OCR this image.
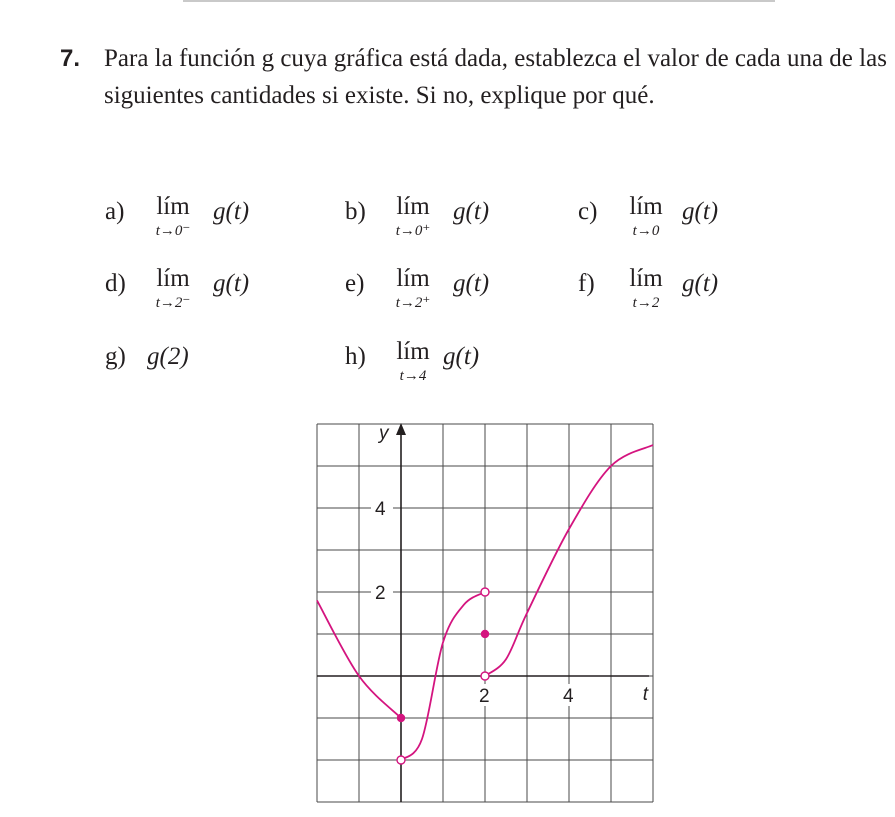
7. Para la función g cuya gráfica está dada, establezca el valor de cada una de las siguientes cantidades si existe. Si no, explique por qué.
a)	lím
t→0⁻
g(t)	b)	lím
t→0⁺
g(t)	c)	lím
t→0
g(t)
d)	lím
t→2⁻
g(t)	e)	lím
t→2⁺
g(t)	f)	lím
t→2
g(t)
g) g(2)	h)	lím
t→4
g(t)
y
t
4
2
2	4
